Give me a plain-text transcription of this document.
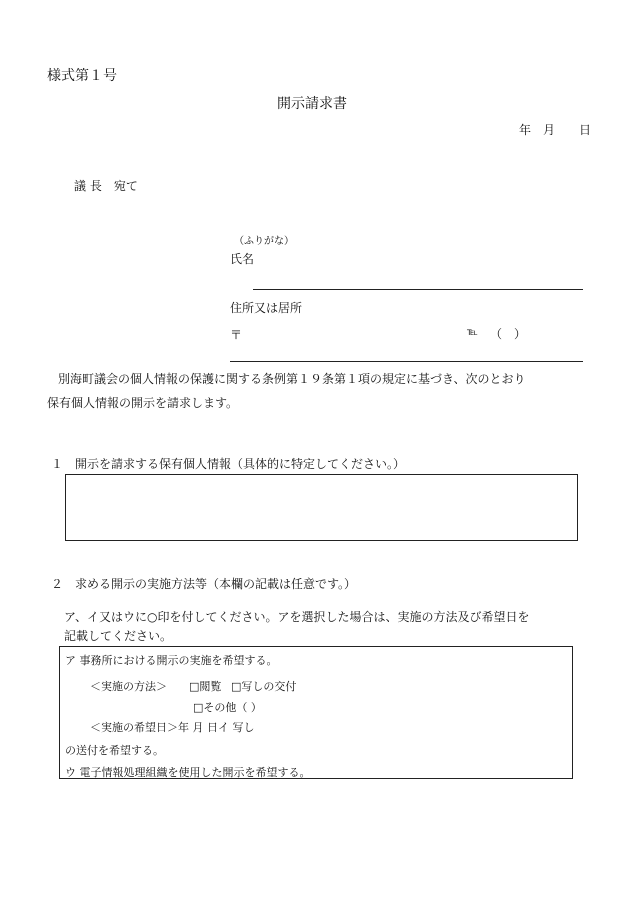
様式第１号
開示請求書
年　月　　日
議 長　宛て
（ふりがな）
氏名
住所又は居所
〒	℡ （　）
別海町議会の個人情報の保護に関する条例第１９条第１項の規定に基づき、次のとおり
保有個人情報の開示を請求します。
１　開示を請求する保有個人情報（具体的に特定してください。）
２　求める開示の実施方法等（本欄の記載は任意です。）
ア、イ又はウに○印を付してください。アを選択した場合は、実施の方法及び希望日を
記載してください。
ア 事務所における開示の実施を希望する。
＜実施の方法＞ □閲覧 □写しの交付
□その他（ ）
＜実施の希望日＞年 月 日イ 写し
の送付を希望する。
ウ 電子情報処理組織を使用した開示を希望する。
